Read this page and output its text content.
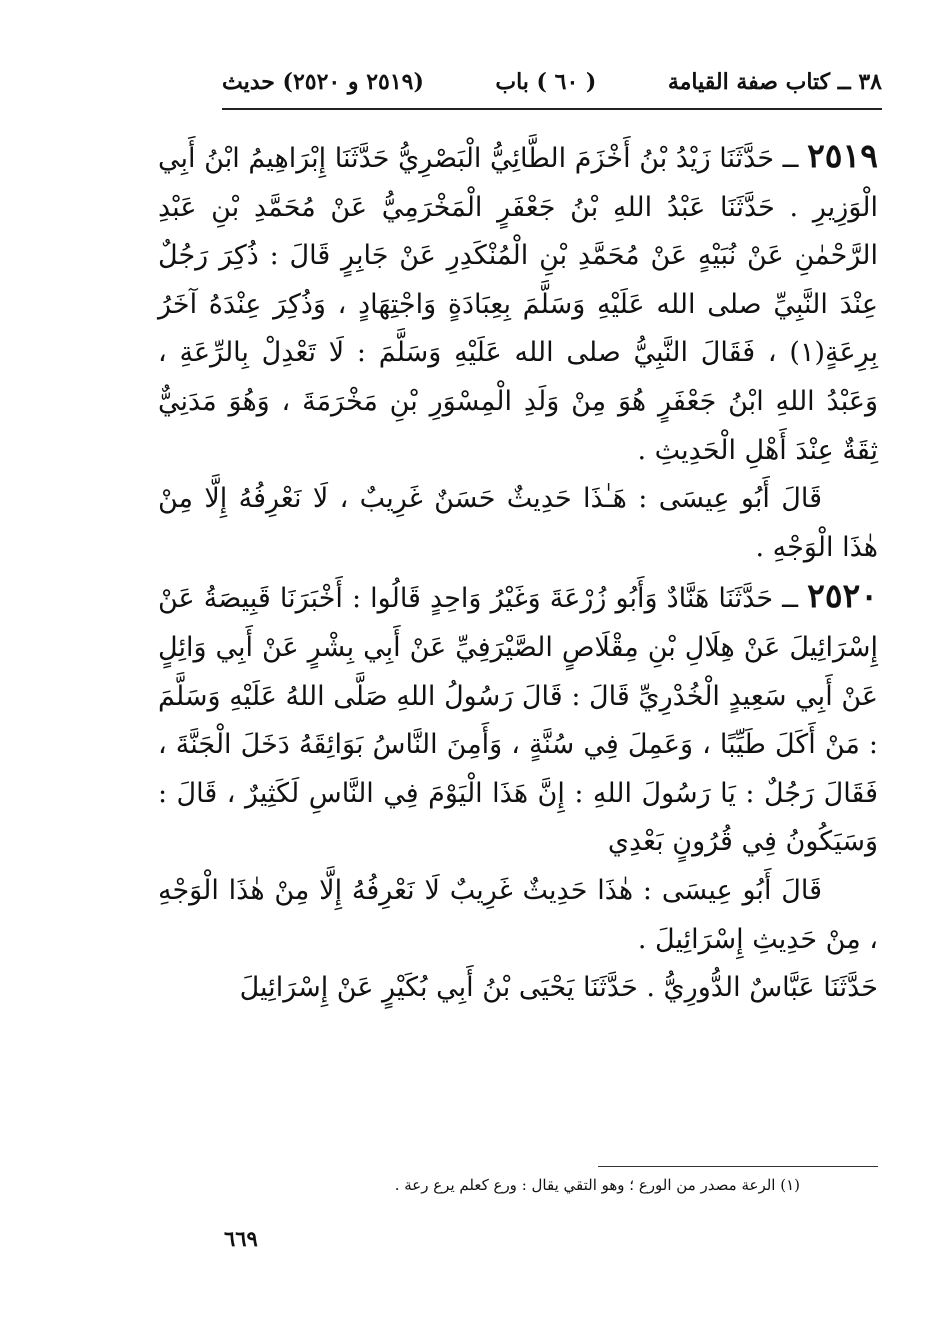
٣٨ ــ كتاب صفة القيامة
( ٦٠ ) باب
(٢٥١٩ و ٢٥٢٠) حديث

٢٥١٩ ــ حَدَّثَنَا زَيْدُ بْنُ أَخْزَمَ الطَّائِيُّ الْبَصْرِيُّ حَدَّثَنَا إِبْرَاهِيمُ ابْنُ أَبِي الْوَزِيرِ . حَدَّثَنَا عَبْدُ اللهِ بْنُ جَعْفَرٍ الْمَخْرَمِيُّ عَنْ مُحَمَّدِ بْنِ عَبْدِ الرَّحْمٰنِ عَنْ نُبَيْهٍ عَنْ مُحَمَّدِ بْنِ الْمُنْكَدِرِ عَنْ جَابِرٍ قَالَ : ذُكِرَ رَجُلٌ عِنْدَ النَّبِيِّ صلى الله عَلَيْهِ وَسَلَّمَ بِعِبَادَةٍ وَاجْتِهَادٍ ، وَذُكِرَ عِنْدَهُ آخَرُ بِرِعَةٍ(١) ، فَقَالَ النَّبِيُّ صلى الله عَلَيْهِ وَسَلَّمَ : لَا تَعْدِلْ بِالرِّعَةِ ، وَعَبْدُ اللهِ ابْنُ جَعْفَرٍ هُوَ مِنْ وَلَدِ الْمِسْوَرِ بْنِ مَخْرَمَةَ ، وَهُوَ مَدَنِيٌّ ثِقَةٌ عِنْدَ أَهْلِ الْحَدِيثِ .

قَالَ أَبُو عِيسَى : هَـٰذَا حَدِيثٌ حَسَنٌ غَرِيبٌ ، لَا نَعْرِفُهُ إِلَّا مِنْ هٰذَا الْوَجْهِ .

٢٥٢٠ ــ حَدَّثَنَا هَنَّادٌ وَأَبُو زُرْعَةَ وَغَيْرُ وَاحِدٍ قَالُوا : أَخْبَرَنَا قَبِيصَةُ عَنْ إِسْرَائِيلَ عَنْ هِلَالِ بْنِ مِقْلَاصٍ الصَّيْرَفِيِّ عَنْ أَبِي بِشْرٍ عَنْ أَبِي وَائِلٍ عَنْ أَبِي سَعِيدٍ الْخُدْرِيِّ قَالَ : قَالَ رَسُولُ اللهِ صَلَّى اللهُ عَلَيْهِ وَسَلَّمَ : مَنْ أَكَلَ طَيِّبًا ، وَعَمِلَ فِي سُنَّةٍ ، وَأَمِنَ النَّاسُ بَوَائِقَهُ دَخَلَ الْجَنَّةَ ، فَقَالَ رَجُلٌ : يَا رَسُولَ اللهِ : إِنَّ هَذَا الْيَوْمَ فِي النَّاسِ لَكَثِيرٌ ، قَالَ : وَسَيَكُونُ فِي قُرُونٍ بَعْدِي

قَالَ أَبُو عِيسَى : هٰذَا حَدِيثٌ غَرِيبٌ لَا نَعْرِفُهُ إِلَّا مِنْ هٰذَا الْوَجْهِ ، مِنْ حَدِيثِ إِسْرَائِيلَ .

حَدَّثَنَا عَبَّاسٌ الدُّورِيُّ . حَدَّثَنَا يَحْيَى بْنُ أَبِي بُكَيْرٍ عَنْ إِسْرَائِيلَ

(١) الرعة مصدر من الورع ؛ وهو التقي يقال : ورع كعلم يرع رعة .
٦٦٩
